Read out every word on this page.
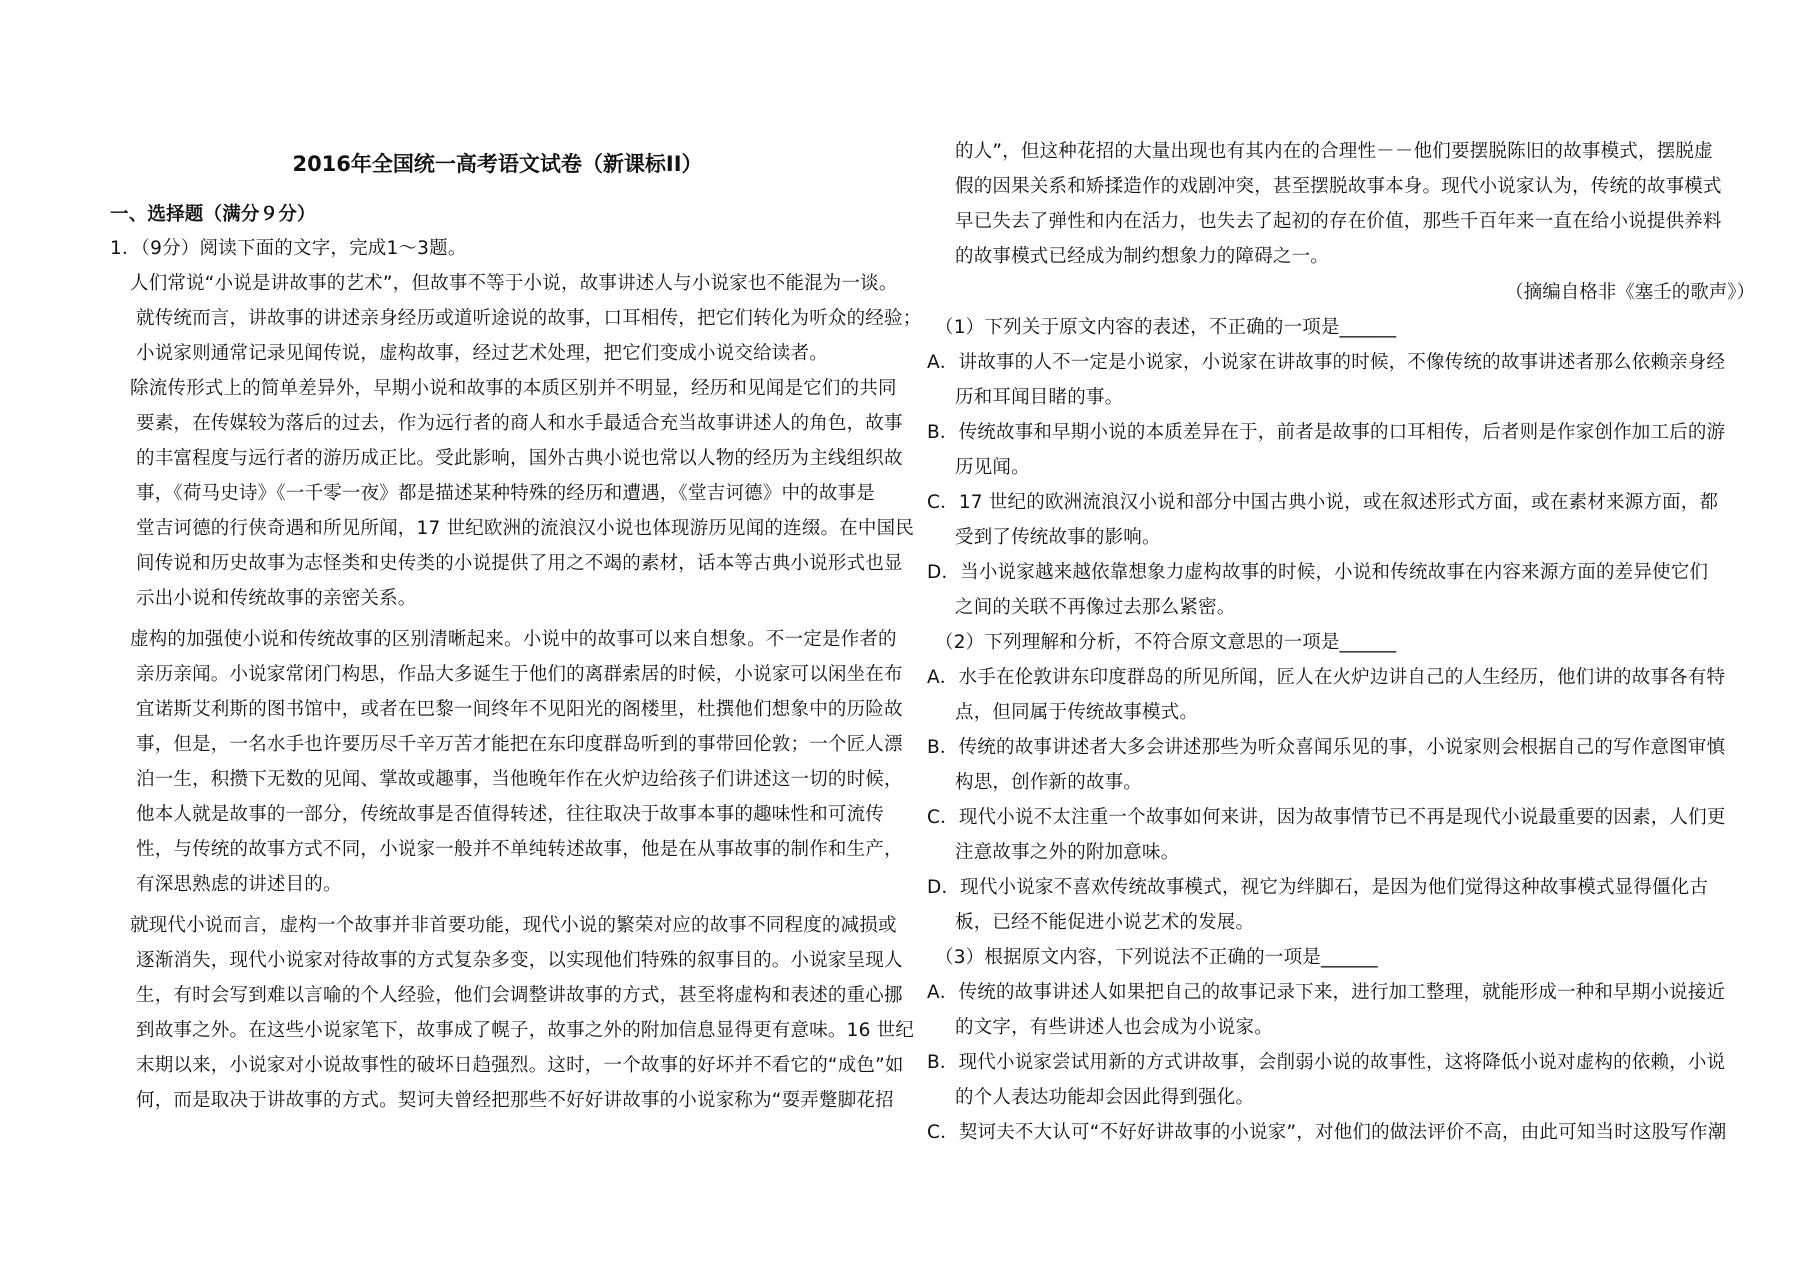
2016年全国统一高考语文试卷（新课标II）
一、选择题（满分９分）
1．（9分）阅读下面的文字，完成1～3题。
人们常说“小说是讲故事的艺术”，但故事不等于小说，故事讲述人与小说家也不能混为一谈。
就传统而言，讲故事的讲述亲身经历或道听途说的故事，口耳相传，把它们转化为听众的经验；
小说家则通常记录见闻传说，虚构故事，经过艺术处理，把它们变成小说交给读者。
除流传形式上的简单差异外，早期小说和故事的本质区别并不明显，经历和见闻是它们的共同
要素，在传媒较为落后的过去，作为远行者的商人和水手最适合充当故事讲述人的角色，故事
的丰富程度与远行者的游历成正比。受此影响，国外古典小说也常以人物的经历为主线组织故
事，《荷马史诗》《一千零一夜》都是描述某种特殊的经历和遭遇，《堂吉诃德》中的故事是
堂吉诃德的行侠奇遇和所见所闻，17 世纪欧洲的流浪汉小说也体现游历见闻的连缀。在中国民
间传说和历史故事为志怪类和史传类的小说提供了用之不竭的素材，话本等古典小说形式也显
示出小说和传统故事的亲密关系。
虚构的加强使小说和传统故事的区别清晰起来。小说中的故事可以来自想象。不一定是作者的
亲历亲闻。小说家常闭门构思，作品大多诞生于他们的离群索居的时候，小说家可以闲坐在布
宜诺斯艾利斯的图书馆中，或者在巴黎一间终年不见阳光的阁楼里，杜撰他们想象中的历险故
事，但是，一名水手也许要历尽千辛万苦才能把在东印度群岛听到的事带回伦敦；一个匠人漂
泊一生，积攒下无数的见闻、掌故或趣事，当他晚年作在火炉边给孩子们讲述这一切的时候，
他本人就是故事的一部分，传统故事是否值得转述，往往取决于故事本事的趣味性和可流传
性，与传统的故事方式不同，小说家一般并不单纯转述故事，他是在从事故事的制作和生产，
有深思熟虑的讲述目的。
就现代小说而言，虚构一个故事并非首要功能，现代小说的繁荣对应的故事不同程度的减损或
逐渐消失，现代小说家对待故事的方式复杂多变，以实现他们特殊的叙事目的。小说家呈现人
生，有时会写到难以言喻的个人经验，他们会调整讲故事的方式，甚至将虚构和表述的重心挪
到故事之外。在这些小说家笔下，故事成了幌子，故事之外的附加信息显得更有意味。16 世纪
末期以来，小说家对小说故事性的破坏日趋强烈。这时，一个故事的好坏并不看它的“成色”如
何，而是取决于讲故事的方式。契诃夫曾经把那些不好好讲故事的小说家称为“耍弄蹩脚花招
的人”，但这种花招的大量出现也有其内在的合理性－－他们要摆脱陈旧的故事模式，摆脱虚
假的因果关系和矫揉造作的戏剧冲突，甚至摆脱故事本身。现代小说家认为，传统的故事模式
早已失去了弹性和内在活力，也失去了起初的存在价值，那些千百年来一直在给小说提供养料
的故事模式已经成为制约想象力的障碍之一。
（摘编自格非《塞壬的歌声》）
（1）下列关于原文内容的表述，不正确的一项是______
A．讲故事的人不一定是小说家，小说家在讲故事的时候，不像传统的故事讲述者那么依赖亲身经
历和耳闻目睹的事。
B．传统故事和早期小说的本质差异在于，前者是故事的口耳相传，后者则是作家创作加工后的游
历见闻。
C．17 世纪的欧洲流浪汉小说和部分中国古典小说，或在叙述形式方面，或在素材来源方面，都
受到了传统故事的影响。
D．当小说家越来越依靠想象力虚构故事的时候，小说和传统故事在内容来源方面的差异使它们
之间的关联不再像过去那么紧密。
（2）下列理解和分析，不符合原文意思的一项是______
A．水手在伦敦讲东印度群岛的所见所闻，匠人在火炉边讲自己的人生经历，他们讲的故事各有特
点，但同属于传统故事模式。
B．传统的故事讲述者大多会讲述那些为听众喜闻乐见的事，小说家则会根据自己的写作意图审慎
构思，创作新的故事。
C．现代小说不太注重一个故事如何来讲，因为故事情节已不再是现代小说最重要的因素，人们更
注意故事之外的附加意味。
D．现代小说家不喜欢传统故事模式，视它为绊脚石，是因为他们觉得这种故事模式显得僵化古
板，已经不能促进小说艺术的发展。
（3）根据原文内容，下列说法不正确的一项是______
A．传统的故事讲述人如果把自己的故事记录下来，进行加工整理，就能形成一种和早期小说接近
的文字，有些讲述人也会成为小说家。
B．现代小说家尝试用新的方式讲故事，会削弱小说的故事性，这将降低小说对虚构的依赖，小说
的个人表达功能却会因此得到强化。
C．契诃夫不大认可“不好好讲故事的小说家”，对他们的做法评价不高，由此可知当时这股写作潮
